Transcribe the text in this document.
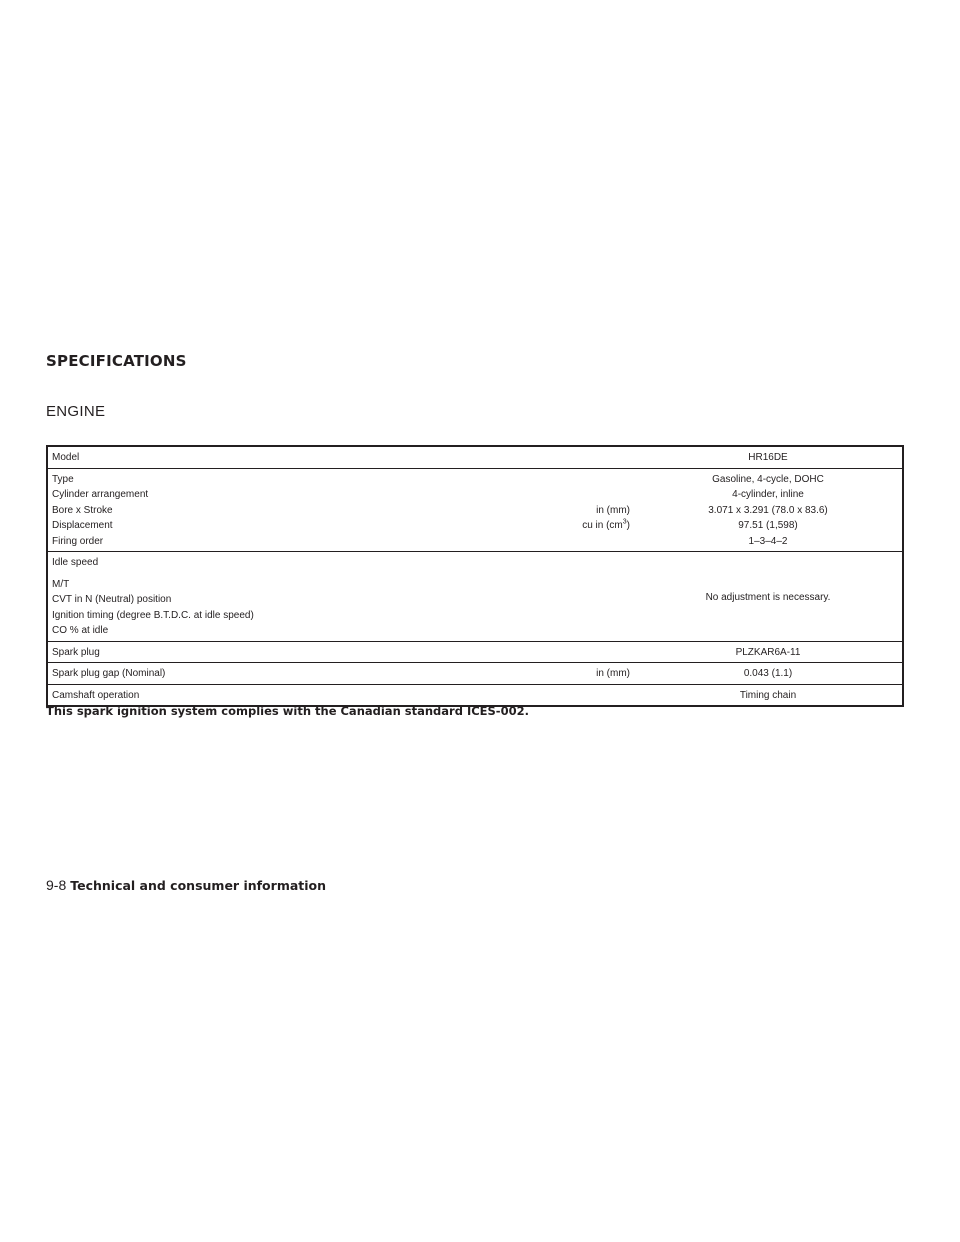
SPECIFICATIONS
ENGINE
Model		HR16DE
Type		Gasoline, 4-cycle, DOHC
Cylinder arrangement		4-cylinder, inline
Bore x Stroke	in (mm)	3.071 x 3.291 (78.0 x 83.6)
Displacement	cu in $(cm^3)$	97.51 (1,598)
Firing order		1–3–4–2
Idle speed		No adjustment is necessary.
M/T		
CVT in N (Neutral) position		
Ignition timing (degree B.T.D.C. at idle speed)		
CO % at idle		
Spark plug		PLZKAR6A-11
Spark plug gap (Nominal)	in (mm)	0.043 (1.1)
Camshaft operation		Timing chain

This spark ignition system complies with the Canadian standard ICES-002.

9-8 Technical and consumer information
